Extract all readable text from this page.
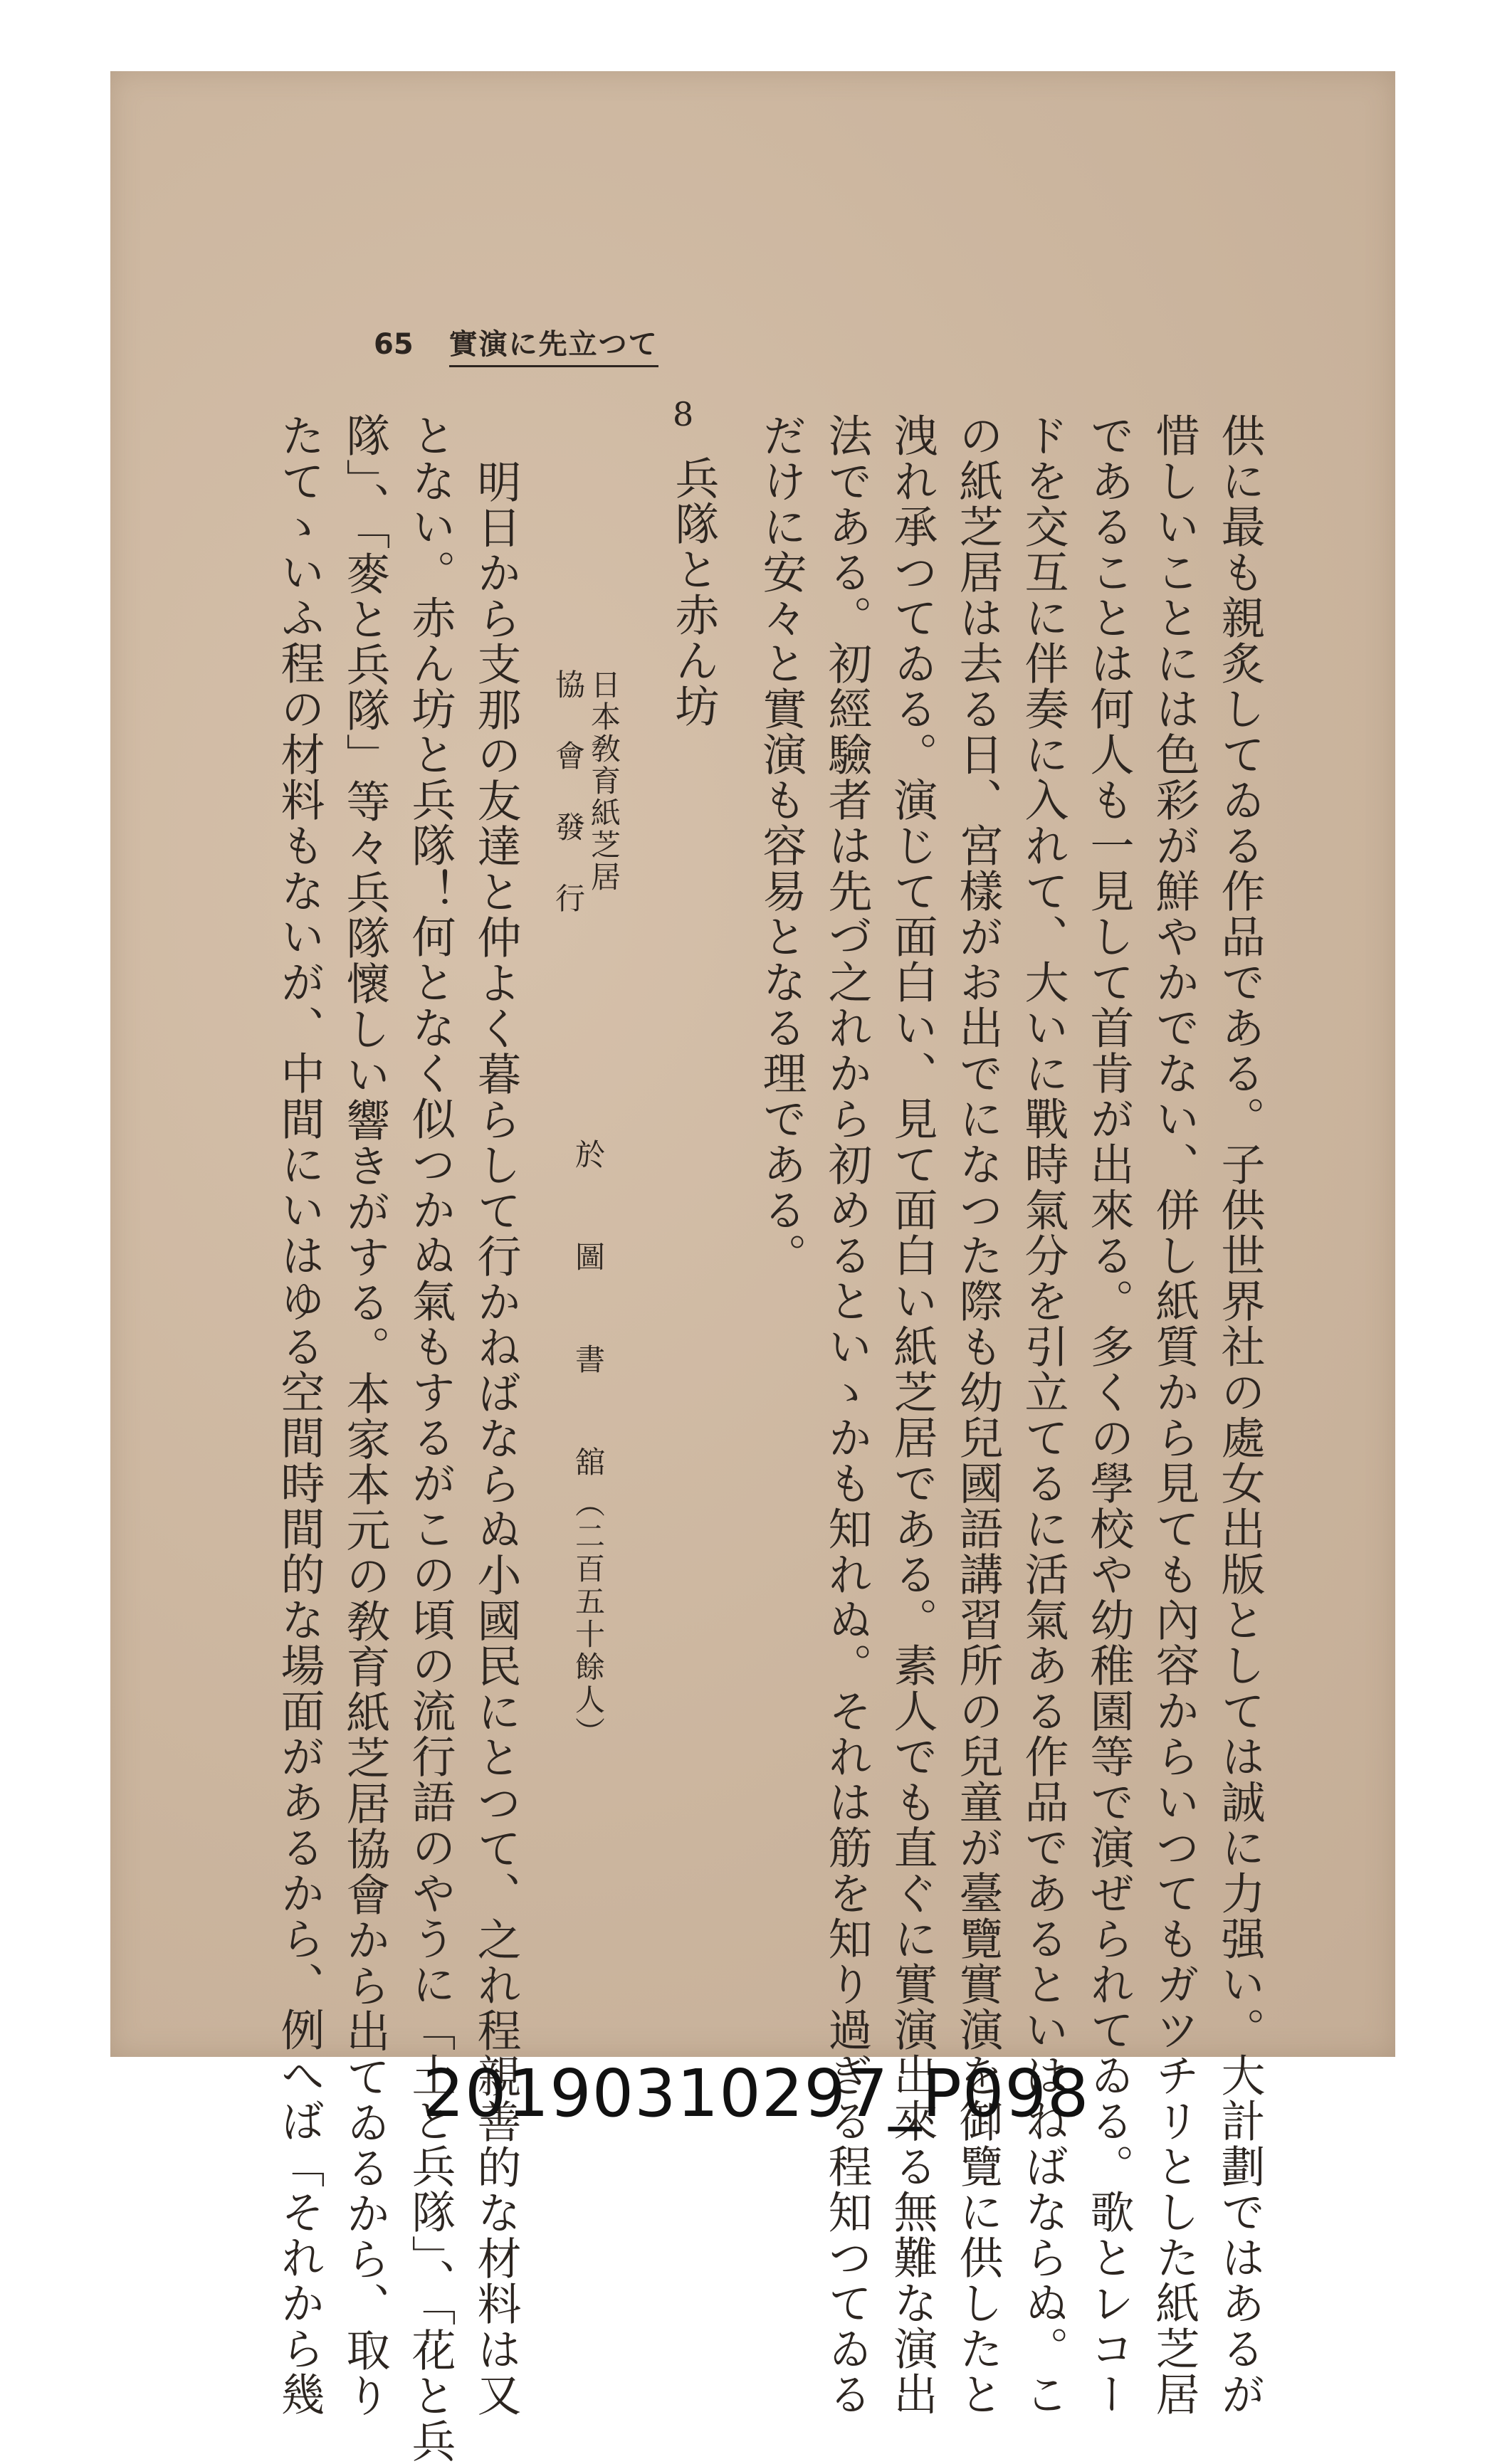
65 實演に先立つて
供に最も親炙してゐる作品である。子供世界社の處女出版としては誠に力强い。大計劃ではあるが
惜しいことには色彩が鮮やかでない、併し紙質から見ても內容からいつてもガツチリとした紙芝居
であることは何人も一見して首肯が出來る。多くの學校や幼稚園等で演ぜられてゐる。歌とレコー
ドを交互に伴奏に入れて、大いに戰時氣分を引立てるに活氣ある作品であるといはねばならぬ。こ
の紙芝居は去る日、宮樣がお出でになつた際も幼兒國語講習所の兒童が臺覽實演を御覽に供したと
洩れ承つてゐる。演じて面白い、見て面白い紙芝居である。素人でも直ぐに實演出來る無難な演出
法である。初經驗者は先づ之れから初めるといゝかも知れぬ。それは筋を知り過ぎる程知つてゐる
だけに安々と實演も容易となる理である。
8
兵隊と赤ん坊
日本敎育紙芝居
協　會　發　行
於　圖　書　舘
（二百五十餘人）
明日から支那の友達と仲よく暮らして行かねばならぬ小國民にとつて、之れ程親善的な材料は又
とない。赤ん坊と兵隊！何となく似つかぬ氣もするがこの頃の流行語のやうに「土と兵隊」、「花と兵
隊」、「麥と兵隊」等々兵隊懷しい響きがする。本家本元の敎育紙芝居協會から出てゐるから、取り
たてゝいふ程の材料もないが、中間にいはゆる空間時間的な場面があるから、例へば「それから幾	20190310297_P098
